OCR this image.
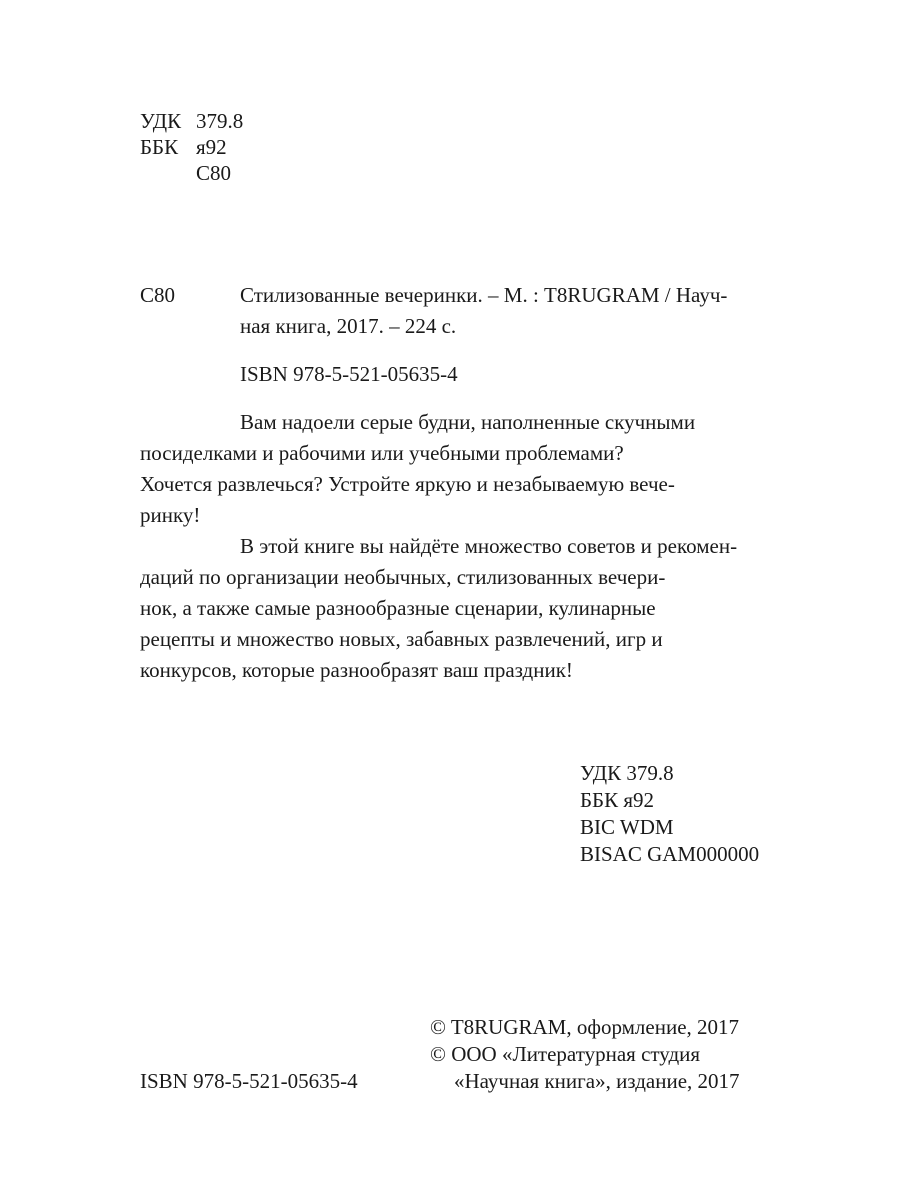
УДК 379.8
ББК я92
С80
С80	Стилизованные вечеринки. – М. : T8RUGRAM / Науч-

ная книга, 2017. – 224 с.

ISBN 978-5-521-05635-4

Вам надоели серые будни, наполненные скучными

посиделками и рабочими или учебными проблемами?

Хочется развлечься? Устройте яркую и незабываемую вече-

ринку!

В этой книге вы найдёте множество советов и рекомен-

даций по организации необычных, стилизованных вечери-

нок, а также самые разнообразные сценарии, кулинарные

рецепты и множество новых, забавных развлечений, игр и

конкурсов, которые разнообразят ваш праздник!

УДК 379.8
ББК я92
BIC WDM
BISAC GAM000000
© T8RUGRAM, оформление, 2017
© ООО «Литературная студия
«Научная книга», издание, 2017
ISBN 978-5-521-05635-4
